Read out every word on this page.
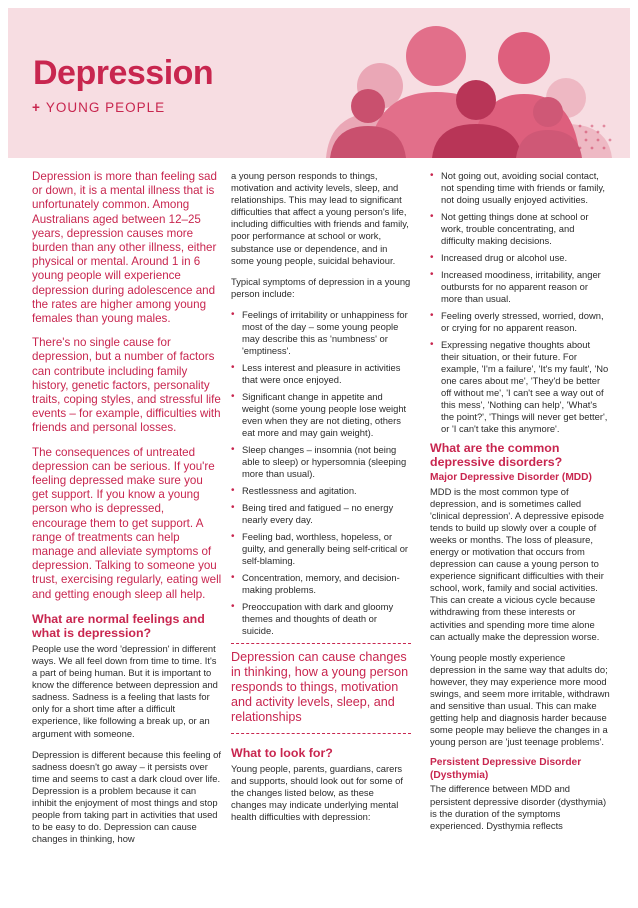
Depression
+ YOUNG PEOPLE

Depression is more than feeling sad or down, it is a mental illness that is unfortunately common. Among Australians aged between 12–25 years, depression causes more burden than any other illness, either physical or mental. Around 1 in 6 young people will experience depression during adolescence and the rates are higher among young females than young males.

There's no single cause for depression, but a number of factors can contribute including family history, genetic factors, personality traits, coping styles, and stressful life events – for example, difficulties with friends and personal losses.

The consequences of untreated depression can be serious. If you're feeling depressed make sure you get support. If you know a young person who is depressed, encourage them to get support. A range of treatments can help manage and alleviate symptoms of depression. Talking to someone you trust, exercising regularly, eating well and getting enough sleep all help.

What are normal feelings and what is depression?

People use the word 'depression' in different ways. We all feel down from time to time. It's a part of being human. But it is important to know the difference between depression and sadness. Sadness is a feeling that lasts for only for a short time after a difficult experience, like following a break up, or an argument with someone.

Depression is different because this feeling of sadness doesn't go away – it persists over time and seems to cast a dark cloud over life. Depression is a problem because it can inhibit the enjoyment of most things and stop people from taking part in activities that used to be easy to do. Depression can cause changes in thinking, how

a young person responds to things, motivation and activity levels, sleep, and relationships. This may lead to significant difficulties that affect a young person's life, including difficulties with friends and family, poor performance at school or work, substance use or dependence, and in some young people, suicidal behaviour.

Typical symptoms of depression in a young person include:

• Feelings of irritability or unhappiness for most of the day – some young people may describe this as 'numbness' or 'emptiness'.
• Less interest and pleasure in activities that were once enjoyed.
• Significant change in appetite and weight (some young people lose weight even when they are not dieting, others eat more and may gain weight).
• Sleep changes – insomnia (not being able to sleep) or hypersomnia (sleeping more than usual).
• Restlessness and agitation.
• Being tired and fatigued – no energy nearly every day.
• Feeling bad, worthless, hopeless, or guilty, and generally being self-critical or self-blaming.
• Concentration, memory, and decision-making problems.
• Preoccupation with dark and gloomy themes and thoughts of death or suicide.
Depression can cause changes in thinking, how a young person responds to things, motivation and activity levels, sleep, and relationships
What to look for?

Young people, parents, guardians, carers and supports, should look out for some of the changes listed below, as these changes may indicate underlying mental health difficulties with depression:

• Not going out, avoiding social contact, not spending time with friends or family, not doing usually enjoyed activities.
• Not getting things done at school or work, trouble concentrating, and difficulty making decisions.
• Increased drug or alcohol use.
• Increased moodiness, irritability, anger outbursts for no apparent reason or more than usual.
• Feeling overly stressed, worried, down, or crying for no apparent reason.
• Expressing negative thoughts about their situation, or their future. For example, 'I'm a failure', 'It's my fault', 'No one cares about me', 'They'd be better off without me', 'I can't see a way out of this mess', 'Nothing can help', 'What's the point?', 'Things will never get better', or 'I can't take this anymore'.
What are the common depressive disorders?
Major Depressive Disorder (MDD)

MDD is the most common type of depression, and is sometimes called 'clinical depression'. A depressive episode tends to build up slowly over a couple of weeks or months. The loss of pleasure, energy or motivation that occurs from depression can cause a young person to experience significant difficulties with their school, work, family and social activities. This can create a vicious cycle because withdrawing from these interests or activities and spending more time alone can actually make the depression worse.

Young people mostly experience depression in the same way that adults do; however, they may experience more mood swings, and seem more irritable, withdrawn and sensitive than usual. This can make getting help and diagnosis harder because some people may believe the changes in a young person are 'just teenage problems'.

Persistent Depressive Disorder (Dysthymia)

The difference between MDD and persistent depressive disorder (dysthymia) is the duration of the symptoms experienced. Dysthymia reflects
